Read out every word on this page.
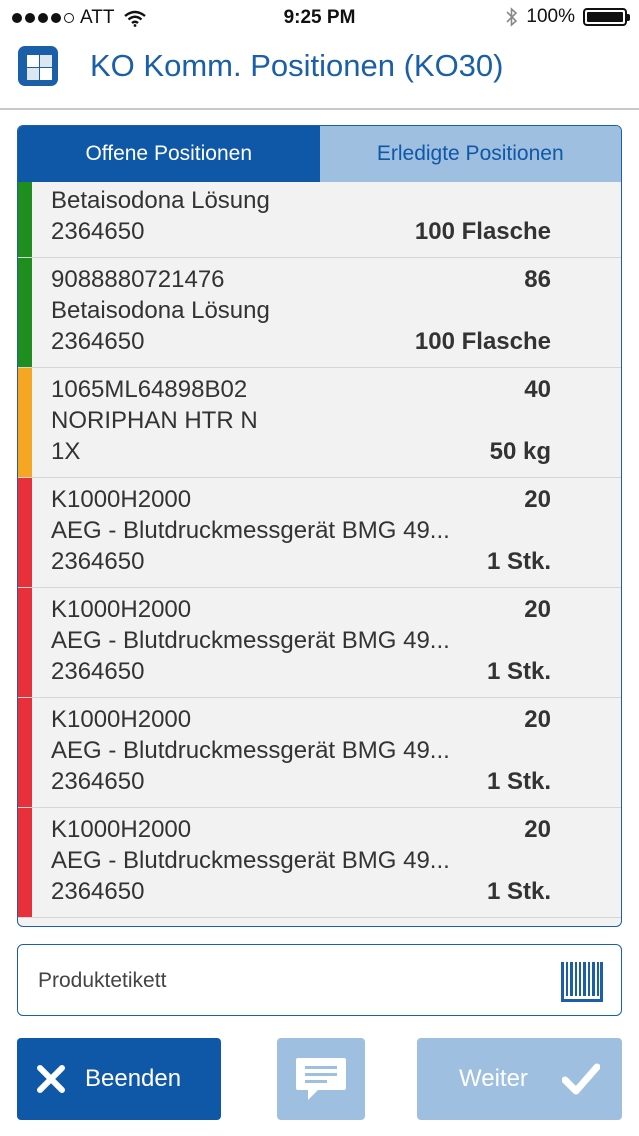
ATT	9:25 PM	100%
KO Komm. Positionen (KO30)
Offene Positionen	Erledigte Positionen
Betaisodona Lösung
2364650	100 Flasche
9088880721476	86
Betaisodona Lösung
2364650	100 Flasche
1065ML64898B02	40
NORIPHAN HTR N
1X	50 kg
K1000H2000	20
AEG - Blutdruckmessgerät BMG 49...
2364650	1 Stk.
K1000H2000	20
AEG - Blutdruckmessgerät BMG 49...
2364650	1 Stk.
K1000H2000	20
AEG - Blutdruckmessgerät BMG 49...
2364650	1 Stk.
K1000H2000	20
AEG - Blutdruckmessgerät BMG 49...
2364650	1 Stk.
Produktetikett
Beenden	Weiter
